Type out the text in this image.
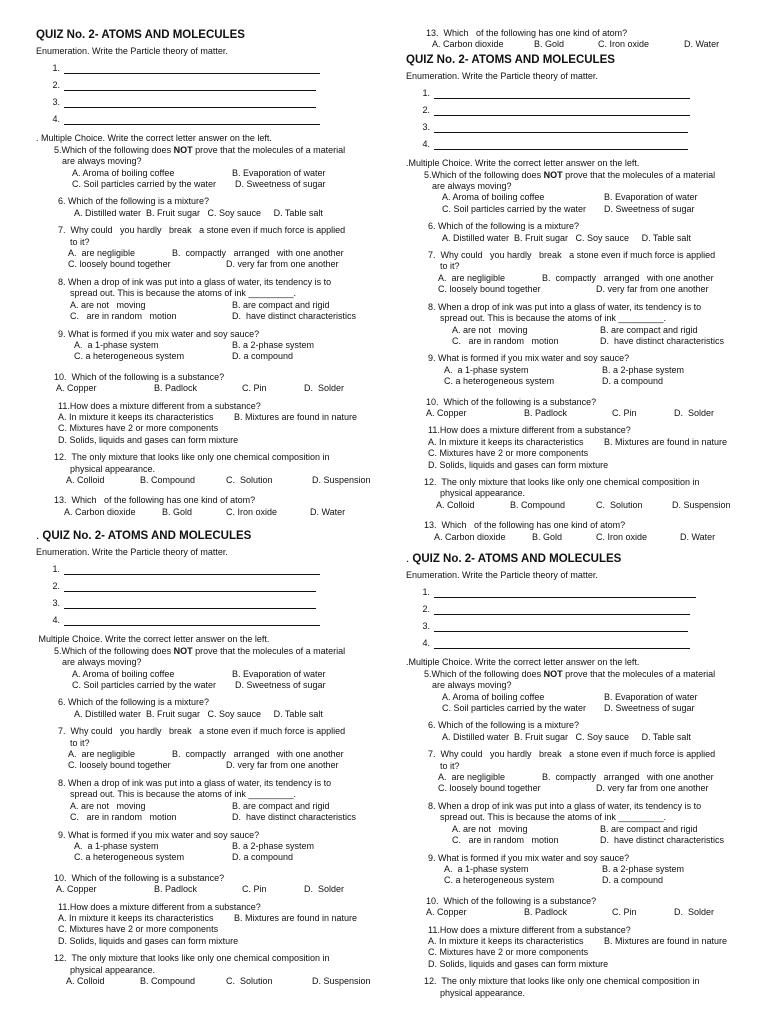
QUIZ No. 2- ATOMS AND MOLECULES
Enumeration. Write the Particle theory of matter.
1.
2.
3.
4.
. Multiple Choice. Write the correct letter answer on the left.
5.Which of the following does NOT prove that the molecules of a material
are always moving?
A. Aroma of boiling coffee	B. Evaporation of water
C. Soil particles carried by the water	D. Sweetness of sugar
6. Which of the following is a mixture?
A. Distilled water  B. Fruit sugar   C. Soy sauce     D. Table salt
7.  Why could   you hardly   break   a stone even if much force is applied
to it?
A.  are negligible	B.  compactly   arranged   with one another
C. loosely bound together	D. very far from one another
8. When a drop of ink was put into a glass of water, its tendency is to
spread out. This is because the atoms of ink _________.
A. are not   moving	B. are compact and rigid
C.   are in random   motion	D.  have distinct characteristics
9. What is formed if you mix water and soy sauce?
A.  a 1-phase system	B. a 2-phase system
C. a heterogeneous system	D. a compound
10.  Which of the following is a substance?
A. Copper	B. Padlock	C. Pin	D.  Solder
11.How does a mixture different from a substance?
A. In mixture it keeps its characteristics	B. Mixtures are found in nature
C. Mixtures have 2 or more components
D. Solids, liquids and gases can form mixture
12.  The only mixture that looks like only one chemical composition in
physical appearance.
A. Colloid	B. Compound	C.  Solution	D. Suspension
13.  Which   of the following has one kind of atom?
A. Carbon dioxide	B. Gold	C. Iron oxide	D. Water
13.  Which   of the following has one kind of atom?
A. Carbon dioxide	B. Gold	C. Iron oxide	D. Water
QUIZ No. 2- ATOMS AND MOLECULES
Enumeration. Write the Particle theory of matter.
1.
2.
3.
4.
.Multiple Choice. Write the correct letter answer on the left.
5.Which of the following does NOT prove that the molecules of a material
are always moving?
A. Aroma of boiling coffee	B. Evaporation of water
C. Soil particles carried by the water	D. Sweetness of sugar
6. Which of the following is a mixture?
A. Distilled water  B. Fruit sugar   C. Soy sauce     D. Table salt
7.  Why could   you hardly   break   a stone even if much force is applied
to it?
A.  are negligible	B.  compactly   arranged   with one another
C. loosely bound together	D. very far from one another
8. When a drop of ink was put into a glass of water, its tendency is to
spread out. This is because the atoms of ink _________.
A. are not   moving	B. are compact and rigid
C.   are in random   motion	D.  have distinct characteristics
9. What is formed if you mix water and soy sauce?
A.  a 1-phase system	B. a 2-phase system
C. a heterogeneous system	D. a compound
10.  Which of the following is a substance?
A. Copper	B. Padlock	C. Pin	D.  Solder
11.How does a mixture different from a substance?
A. In mixture it keeps its characteristics	B. Mixtures are found in nature
C. Mixtures have 2 or more components
D. Solids, liquids and gases can form mixture
12.  The only mixture that looks like only one chemical composition in
physical appearance.
A. Colloid	B. Compound	C.  Solution	D. Suspension
13.  Which   of the following has one kind of atom?
A. Carbon dioxide	B. Gold	C. Iron oxide	D. Water
. QUIZ No. 2- ATOMS AND MOLECULES
Enumeration. Write the Particle theory of matter.
1.
2.
3.
4.
Multiple Choice. Write the correct letter answer on the left.
5.Which of the following does NOT prove that the molecules of a material
are always moving?
A. Aroma of boiling coffee	B. Evaporation of water
C. Soil particles carried by the water	D. Sweetness of sugar
6. Which of the following is a mixture?
A. Distilled water  B. Fruit sugar   C. Soy sauce     D. Table salt
7.  Why could   you hardly   break   a stone even if much force is applied
to it?
A.  are negligible	B.  compactly   arranged   with one another
C. loosely bound together	D. very far from one another
8. When a drop of ink was put into a glass of water, its tendency is to
spread out. This is because the atoms of ink _________.
A. are not   moving	B. are compact and rigid
C.   are in random   motion	D.  have distinct characteristics
9. What is formed if you mix water and soy sauce?
A.  a 1-phase system	B. a 2-phase system
C. a heterogeneous system	D. a compound
10.  Which of the following is a substance?
A. Copper	B. Padlock	C. Pin	D.  Solder
11.How does a mixture different from a substance?
A. In mixture it keeps its characteristics	B. Mixtures are found in nature
C. Mixtures have 2 or more components
D. Solids, liquids and gases can form mixture
12.  The only mixture that looks like only one chemical composition in
physical appearance.
A. Colloid	B. Compound	C.  Solution	D. Suspension
. QUIZ No. 2- ATOMS AND MOLECULES
Enumeration. Write the Particle theory of matter.
1.
2.
3.
4.
.Multiple Choice. Write the correct letter answer on the left.
5.Which of the following does NOT prove that the molecules of a material
are always moving?
A. Aroma of boiling coffee	B. Evaporation of water
C. Soil particles carried by the water	D. Sweetness of sugar
6. Which of the following is a mixture?
A. Distilled water  B. Fruit sugar   C. Soy sauce     D. Table salt
7.  Why could   you hardly   break   a stone even if much force is applied
to it?
A.  are negligible	B.  compactly   arranged   with one another
C. loosely bound together	D. very far from one another
8. When a drop of ink was put into a glass of water, its tendency is to
spread out. This is because the atoms of ink _________.
A. are not   moving	B. are compact and rigid
C.   are in random   motion	D.  have distinct characteristics
9. What is formed if you mix water and soy sauce?
A.  a 1-phase system	B. a 2-phase system
C. a heterogeneous system	D. a compound
10.  Which of the following is a substance?
A. Copper	B. Padlock	C. Pin	D.  Solder
11.How does a mixture different from a substance?
A. In mixture it keeps its characteristics	B. Mixtures are found in nature
C. Mixtures have 2 or more components
D. Solids, liquids and gases can form mixture
12.  The only mixture that looks like only one chemical composition in
physical appearance.
